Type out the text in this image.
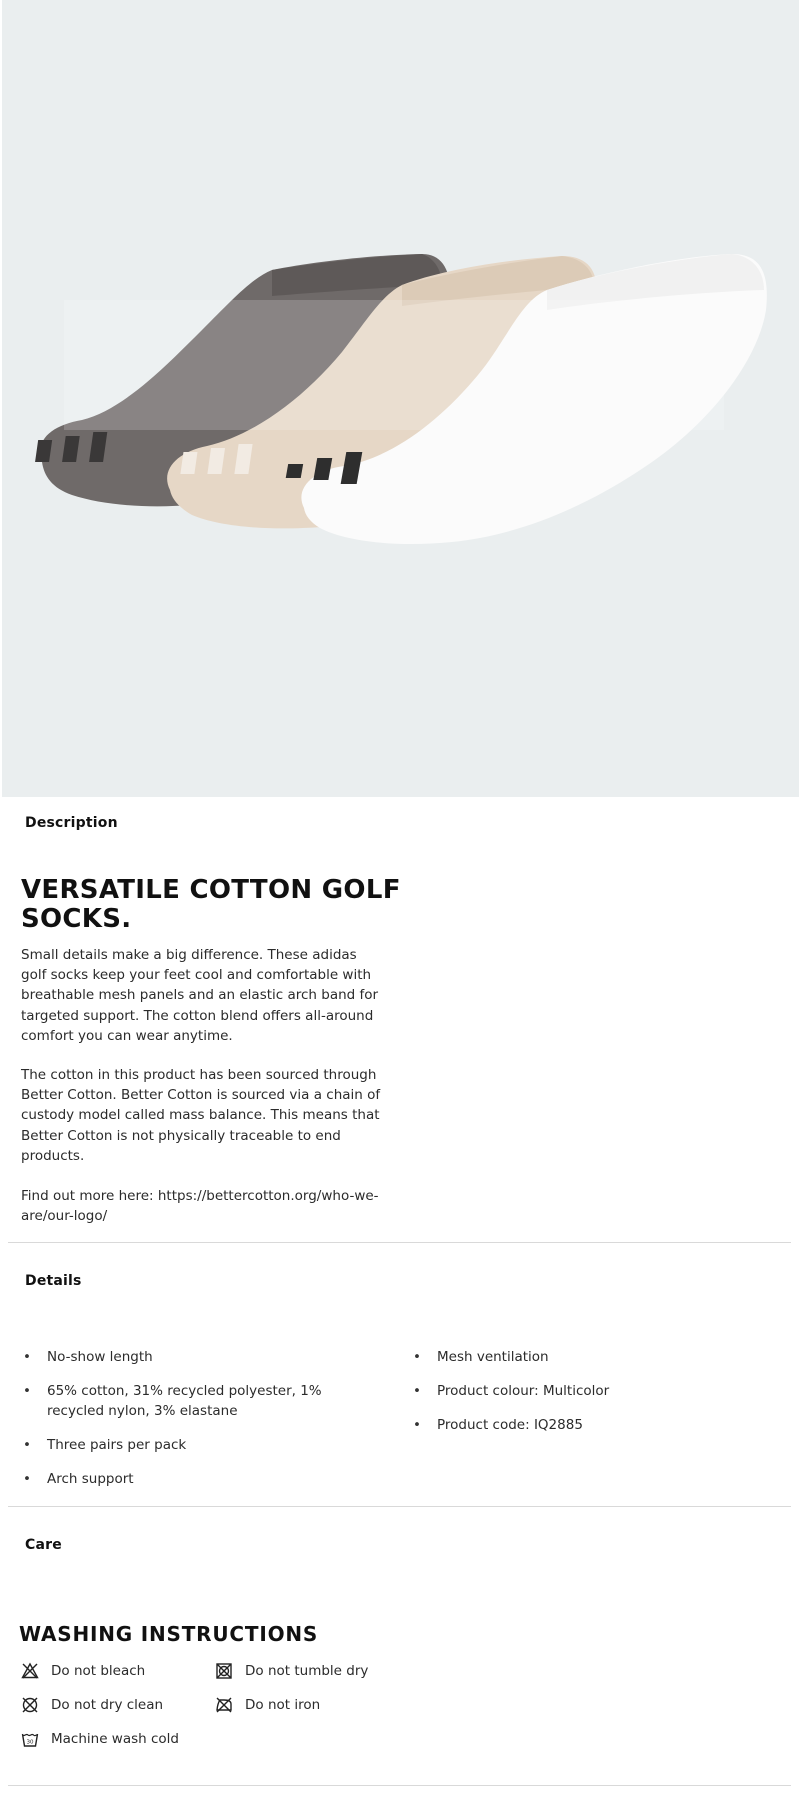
Description
VERSATILE COTTON GOLF SOCKS.

Small details make a big difference. These adidas golf socks keep your feet cool and comfortable with breathable mesh panels and an elastic arch band for targeted support. The cotton blend offers all-around comfort you can wear anytime.

The cotton in this product has been sourced through Better Cotton. Better Cotton is sourced via a chain of custody model called mass balance. This means that Better Cotton is not physically traceable to end products.

Find out more here: https://bettercotton.org/who-we-are/our-logo/

Details
• No-show length
• 65% cotton, 31% recycled polyester, 1% recycled nylon, 3% elastane
• Three pairs per pack
• Arch support
• Mesh ventilation
• Product colour: Multicolor
• Product code: IQ2885
Care
WASHING INSTRUCTIONS
Do not bleach	Do not tumble dry
Do not dry clean	Do not iron
30 Machine wash cold
